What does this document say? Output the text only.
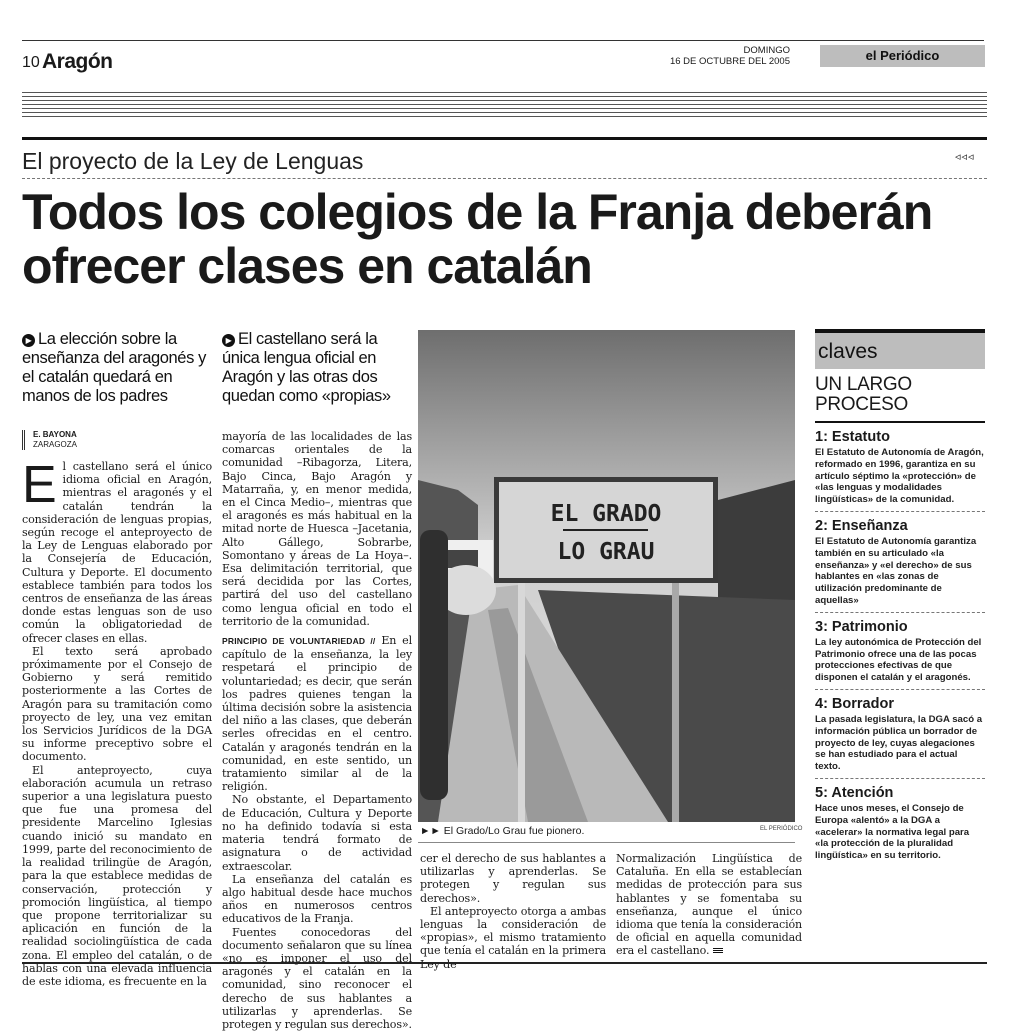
10 Aragón	DOMINGO
16 DE OCTUBRE DEL 2005	el Periódico
El proyecto de la Ley de Lenguas	◃◃◃
Todos los colegios de la Franja deberán ofrecer clases en catalán
▶ La elección sobre la enseñanza del aragonés y el catalán quedará en manos de los padres
▶ El castellano será la única lengua oficial en Aragón y las otras dos quedan como «propias»
E. BAYONA
ZARAGOZA

El castellano será el único idioma oficial en Aragón, mientras el aragonés y el catalán tendrán la consideración de lenguas propias, según recoge el anteproyecto de la Ley de Lenguas elaborado por la Consejería de Educación, Cultura y Deporte. El documento establece también para todos los centros de enseñanza de las áreas donde estas lenguas son de uso común la obligatoriedad de ofrecer clases en ellas.

El texto será aprobado próximamente por el Consejo de Gobierno y será remitido posteriormente a las Cortes de Aragón para su tramitación como proyecto de ley, una vez emitan los Servicios Jurídicos de la DGA su informe preceptivo sobre el documento.

El anteproyecto, cuya elaboración acumula un retraso superior a una legislatura puesto que fue una promesa del presidente Marcelino Iglesias cuando inició su mandato en 1999, parte del reconocimiento de la realidad trilingüe de Aragón, para la que establece medidas de conservación, protección y promoción lingüística, al tiempo que propone territorializar su aplicación en función de la realidad sociolingüística de cada zona. El empleo del catalán, o de hablas con una elevada influencia de este idioma, es frecuente en la

mayoría de las localidades de las comarcas orientales de la comunidad –Ribagorza, Litera, Bajo Cinca, Bajo Aragón y Matarraña, y, en menor medida, en el Cinca Medio–, mientras que el aragonés es más habitual en la mitad norte de Huesca –Jacetania, Alto Gállego, Sobrarbe, Somontano y áreas de La Hoya–. Esa delimitación territorial, que será decidida por las Cortes, partirá del uso del castellano como lengua oficial en todo el territorio de la comunidad.

PRINCIPIO DE VOLUNTARIEDAD // En el capítulo de la enseñanza, la ley respetará el principio de voluntariedad; es decir, que serán los padres quienes tengan la última decisión sobre la asistencia del niño a las clases, que deberán serles ofrecidas en el centro. Catalán y aragonés tendrán en la comunidad, en este sentido, un tratamiento similar al de la religión.

No obstante, el Departamento de Educación, Cultura y Deporte no ha definido todavía si esta materia tendrá formato de asignatura o de actividad extraescolar.

La enseñanza del catalán es algo habitual desde hace muchos años en numerosos centros educativos de la Franja.

Fuentes conocedoras del documento señalaron que su línea «no es imponer el uso del aragonés y el catalán en la comunidad, sino reconocer el derecho de sus hablantes a utilizarlas y aprenderlas. Se protegen y regulan sus derechos».

EL GRADO
LO GRAU
►► El Grado/Lo Grau fue pionero.	EL PERIÓDICO

cer el derecho de sus hablantes a utilizarlas y aprenderlas. Se protegen y regulan sus derechos».

El anteproyecto otorga a ambas lenguas la consideración de «propias», el mismo tratamiento que tenía el catalán en la primera Ley de

Normalización Lingüística de Cataluña. En ella se establecían medidas de protección para sus hablantes y se fomentaba su enseñanza, aunque el único idioma que tenía la consideración de oficial en aquella comunidad era el castellano.

claves
UN LARGO PROCESO
1: Estatuto

El Estatuto de Autonomía de Aragón, reformado en 1996, garantiza en su artículo séptimo la «protección» de «las lenguas y modalidades lingüísticas» de la comunidad.

2: Enseñanza

El Estatuto de Autonomía garantiza también en su articulado «la enseñanza» y «el derecho» de sus hablantes en «las zonas de utilización predominante de aquellas»

3: Patrimonio

La ley autonómica de Protección del Patrimonio ofrece una de las pocas protecciones efectivas de que disponen el catalán y el aragonés.

4: Borrador

La pasada legislatura, la DGA sacó a información pública un borrador de proyecto de ley, cuyas alegaciones se han estudiado para el actual texto.

5: Atención

Hace unos meses, el Consejo de Europa «alentó» a la DGA a «acelerar» la normativa legal para «la protección de la pluralidad lingüística» en su territorio.
